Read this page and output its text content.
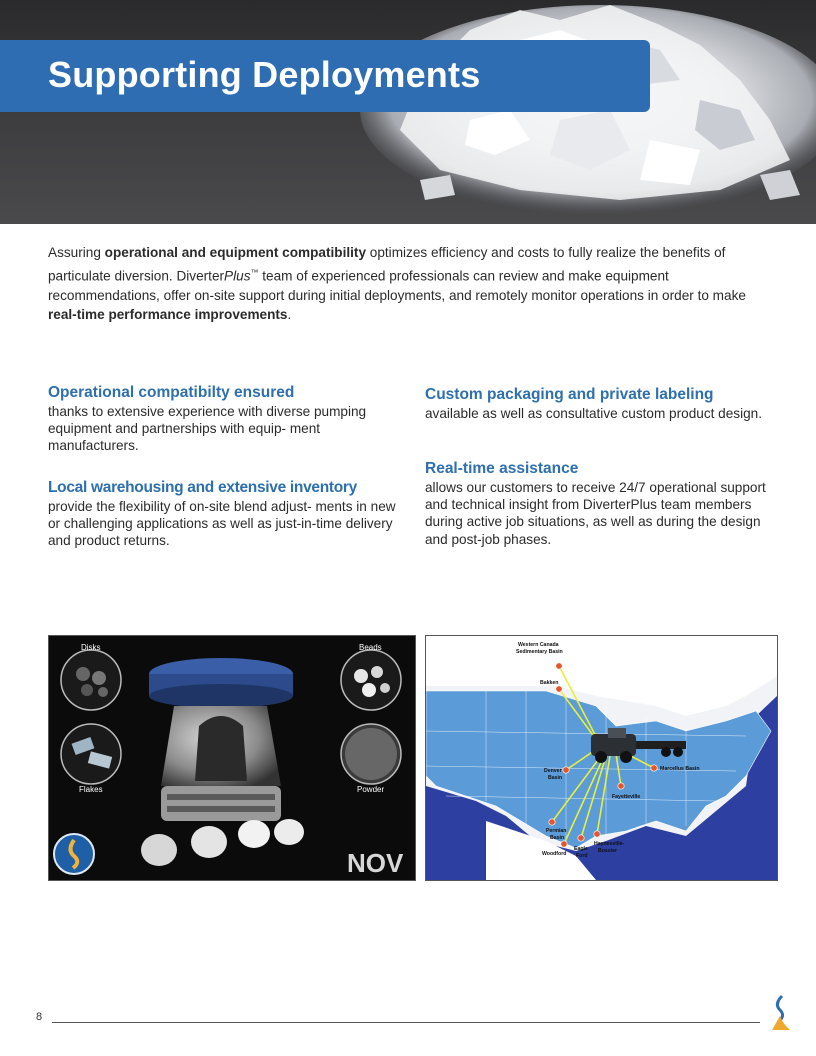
Supporting Deployments
Assuring operational and equipment compatibility optimizes efficiency and costs to fully realize the benefits of particulate diversion. DiverterPlus™ team of experienced professionals can review and make equipment recommendations, offer on-site support during initial deployments, and remotely monitor operations in order to make real-time performance improvements.
Operational compatibilty ensured

thanks to extensive experience with diverse pumping equipment and partnerships with equip- ment manufacturers.

Local warehousing and extensive inventory

provide the flexibility of on-site blend adjust- ments in new or challenging applications as well as just-in-time delivery and product returns.

Custom packaging and private labeling

available as well as consultative custom product design.

Real-time assistance

allows our customers to receive 24/7 operational support and technical insight from DiverterPlus team members during active job situations, as well as during the design and post-job phases.

Disks	Beads
Flakes	Powder
NOV
Western Canada
Sedimentary Basin
Bakken
Denver
Basin
Marcellus Basin
Fayetteville
Permian
Basin
Woodford
Eagle
Ford
Haynesville-
Bossier
8
